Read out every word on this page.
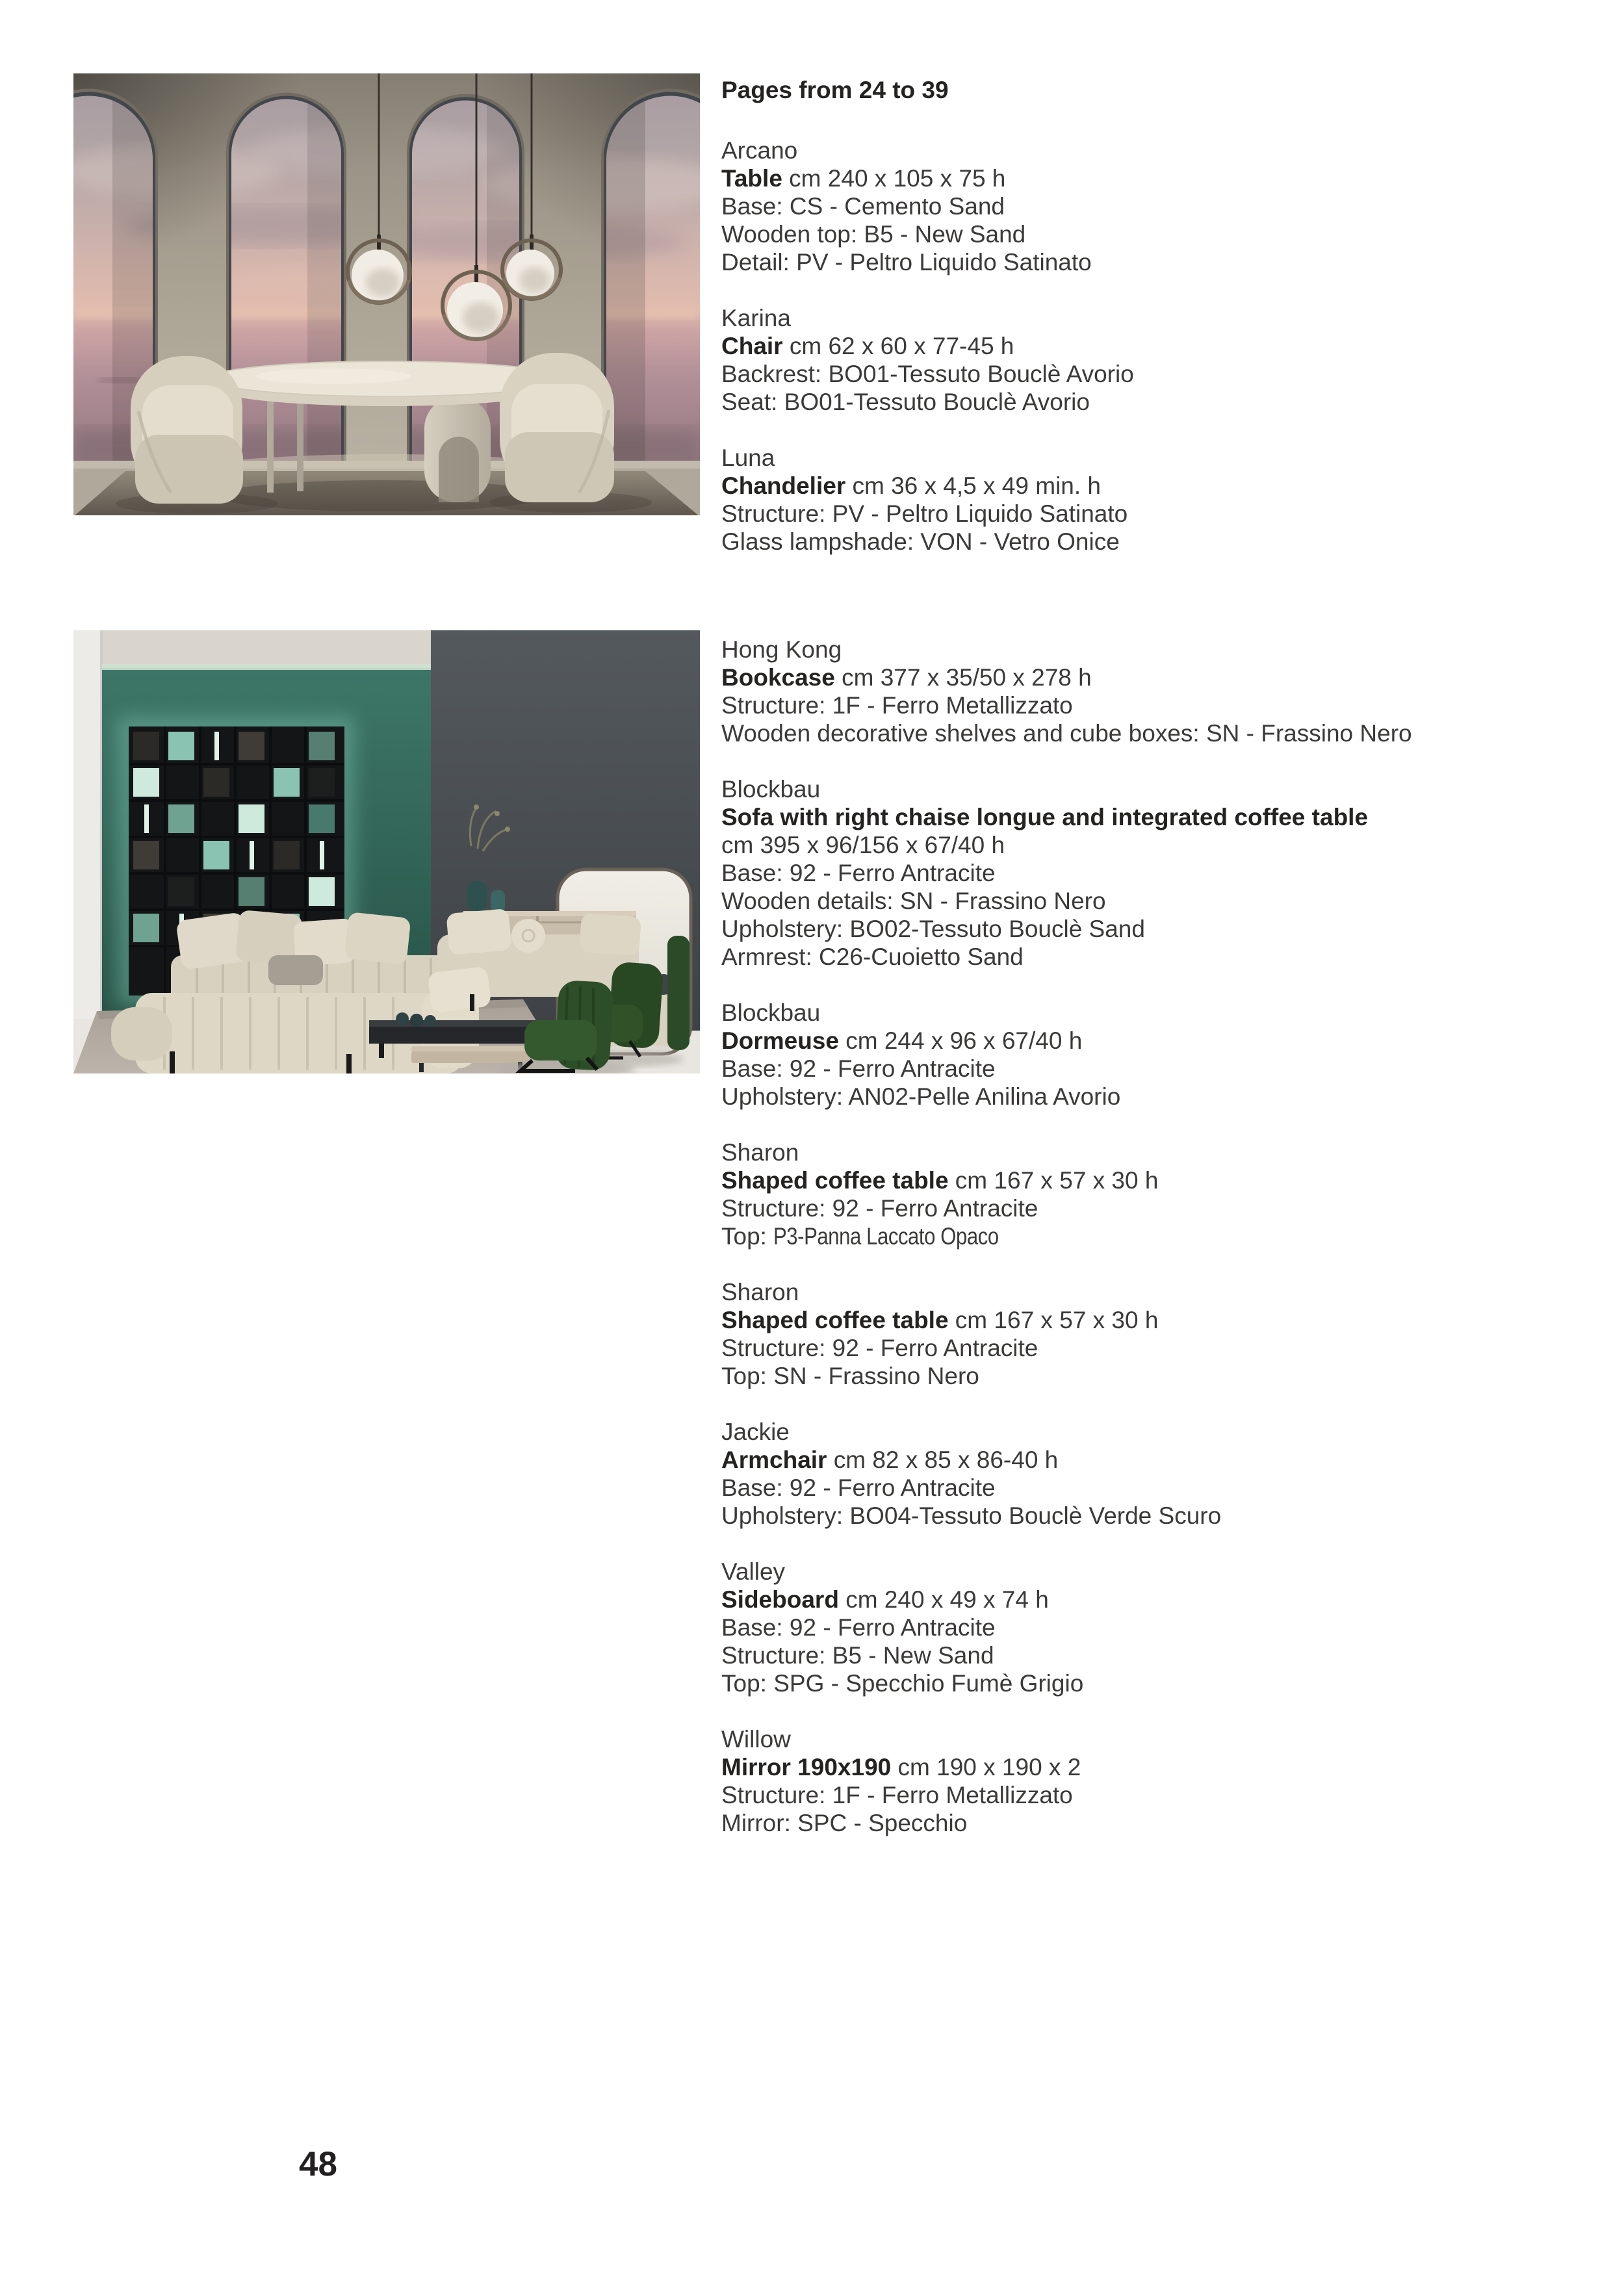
Pages from 24 to 39
Arcano
Table cm 240 x 105 x 75 h
Base: CS - Cemento Sand
Wooden top: B5 - New Sand
Detail: PV - Peltro Liquido Satinato
Karina
Chair cm 62 x 60 x 77-45 h
Backrest: BO01-Tessuto Bouclè Avorio
Seat: BO01-Tessuto Bouclè Avorio
Luna
Chandelier cm 36 x 4,5 x 49 min. h
Structure: PV - Peltro Liquido Satinato
Glass lampshade: VON - Vetro Onice
Hong Kong
Bookcase cm 377 x 35/50 x 278 h
Structure: 1F - Ferro Metallizzato
Wooden decorative shelves and cube boxes: SN - Frassino Nero
Blockbau
Sofa with right chaise longue and integrated coffee table
cm 395 x 96/156 x 67/40 h
Base: 92 - Ferro Antracite
Wooden details: SN - Frassino Nero
Upholstery: BO02-Tessuto Bouclè Sand
Armrest: C26-Cuoietto Sand
Blockbau
Dormeuse cm 244 x 96 x 67/40 h
Base: 92 - Ferro Antracite
Upholstery: AN02-Pelle Anilina Avorio
Sharon
Shaped coffee table cm 167 x 57 x 30 h
Structure: 92 - Ferro Antracite
Top: P3-Panna Laccato Opaco
Sharon
Shaped coffee table cm 167 x 57 x 30 h
Structure: 92 - Ferro Antracite
Top: SN - Frassino Nero
Jackie
Armchair cm 82 x 85 x 86-40 h
Base: 92 - Ferro Antracite
Upholstery: BO04-Tessuto Bouclè Verde Scuro
Valley
Sideboard cm 240 x 49 x 74 h
Base: 92 - Ferro Antracite
Structure: B5 - New Sand
Top: SPG - Specchio Fumè Grigio
Willow
Mirror 190x190 cm 190 x 190 x 2
Structure: 1F - Ferro Metallizzato
Mirror: SPC - Specchio
48
